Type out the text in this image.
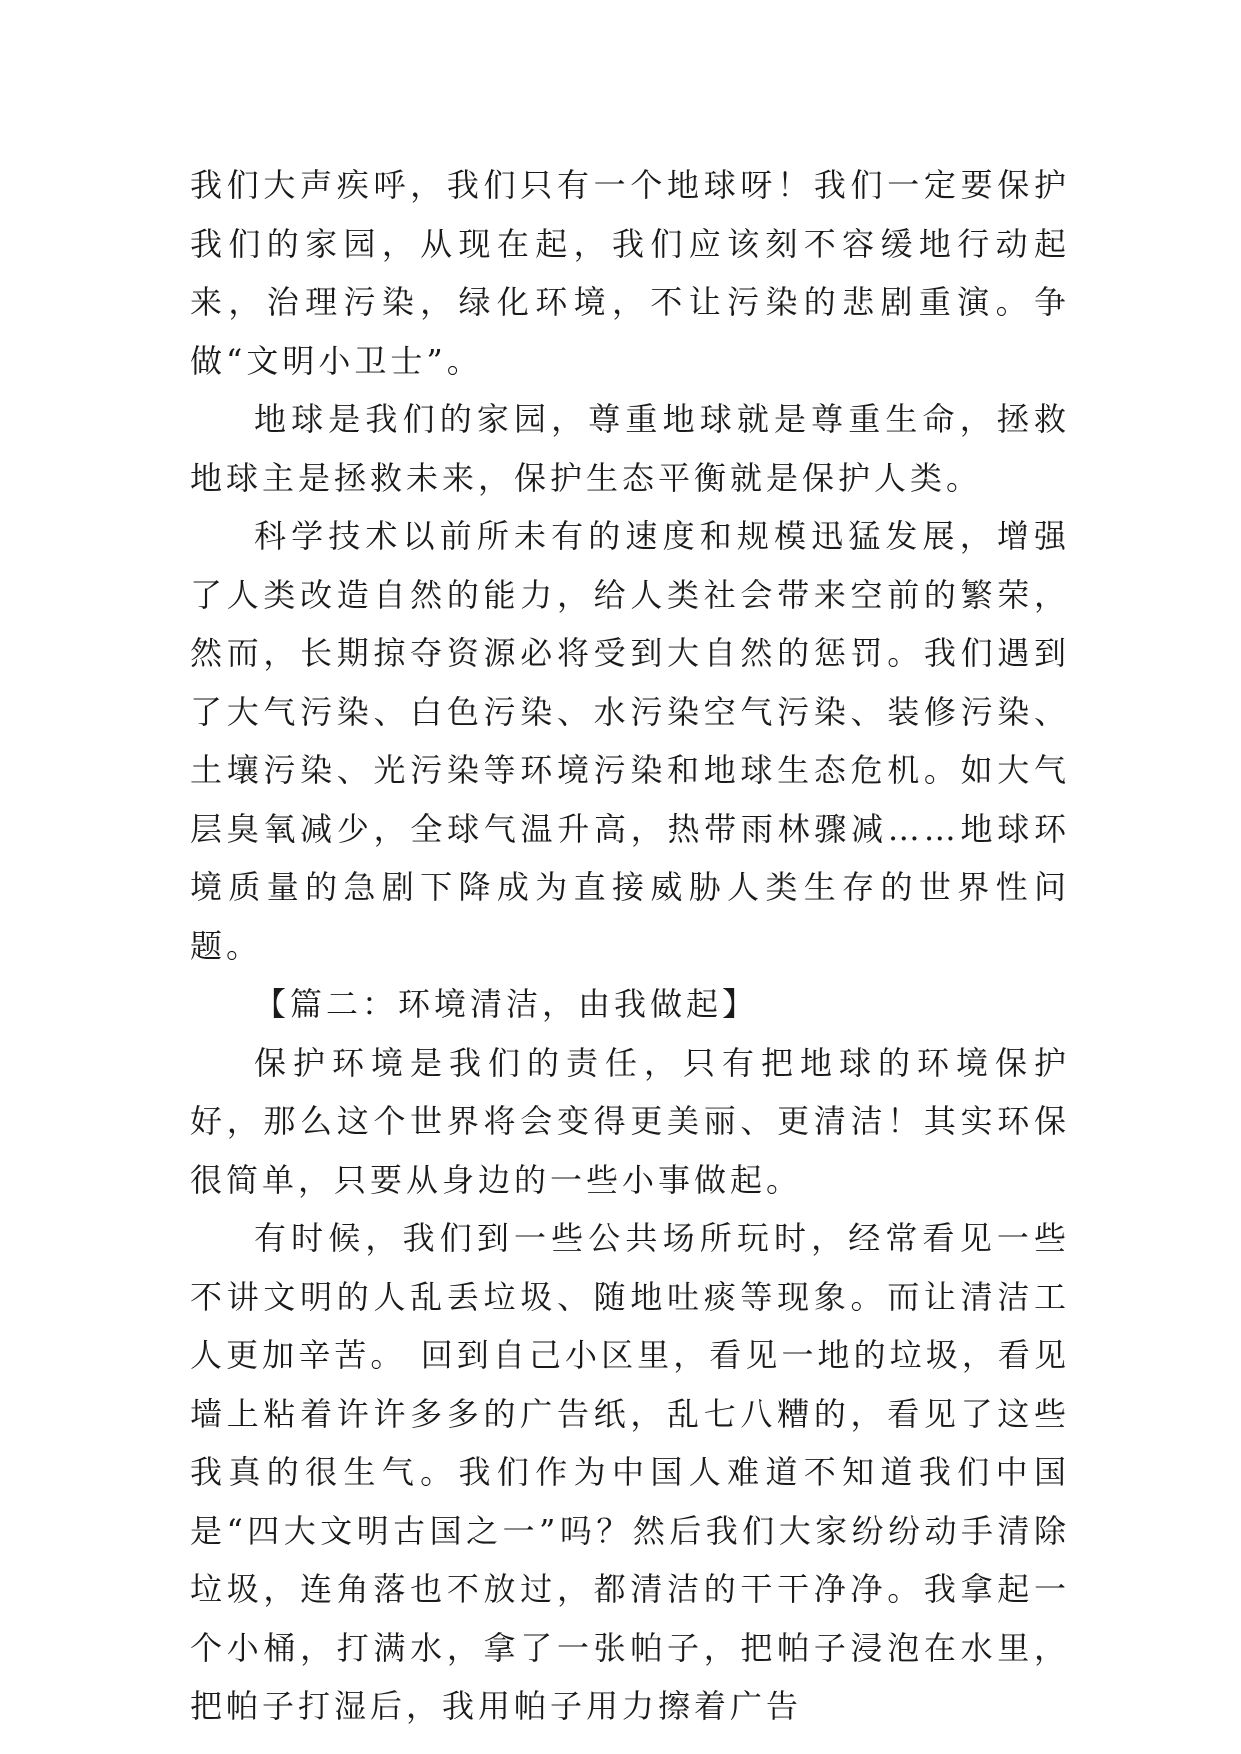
我们大声疾呼，我们只有一个地球呀！我们一定要保护我们的家园，从现在起，我们应该刻不容缓地行动起来，治理污染，绿化环境，不让污染的悲剧重演。争做“文明小卫士”。

地球是我们的家园，尊重地球就是尊重生命，拯救地球主是拯救未来，保护生态平衡就是保护人类。

科学技术以前所未有的速度和规模迅猛发展，增强了人类改造自然的能力，给人类社会带来空前的繁荣，然而，长期掠夺资源必将受到大自然的惩罚。我们遇到了大气污染、白色污染、水污染空气污染、装修污染、土壤污染、光污染等环境污染和地球生态危机。如大气层臭氧减少，全球气温升高，热带雨林骤减……地球环境质量的急剧下降成为直接威胁人类生存的世界性问题。

【篇二：环境清洁，由我做起】

保护环境是我们的责任，只有把地球的环境保护好，那么这个世界将会变得更美丽、更清洁！其实环保很简单，只要从身边的一些小事做起。

有时候，我们到一些公共场所玩时，经常看见一些不讲文明的人乱丢垃圾、随地吐痰等现象。而让清洁工人更加辛苦。 回到自己小区里，看见一地的垃圾，看见墙上粘着许许多多的广告纸，乱七八糟的，看见了这些我真的很生气。我们作为中国人难道不知道我们中国是“四大文明古国之一”吗？然后我们大家纷纷动手清除垃圾，连角落也不放过，都清洁的干干净净。我拿起一个小桶，打满水，拿了一张帕子，把帕子浸泡在水里，把帕子打湿后，我用帕子用力擦着广告
